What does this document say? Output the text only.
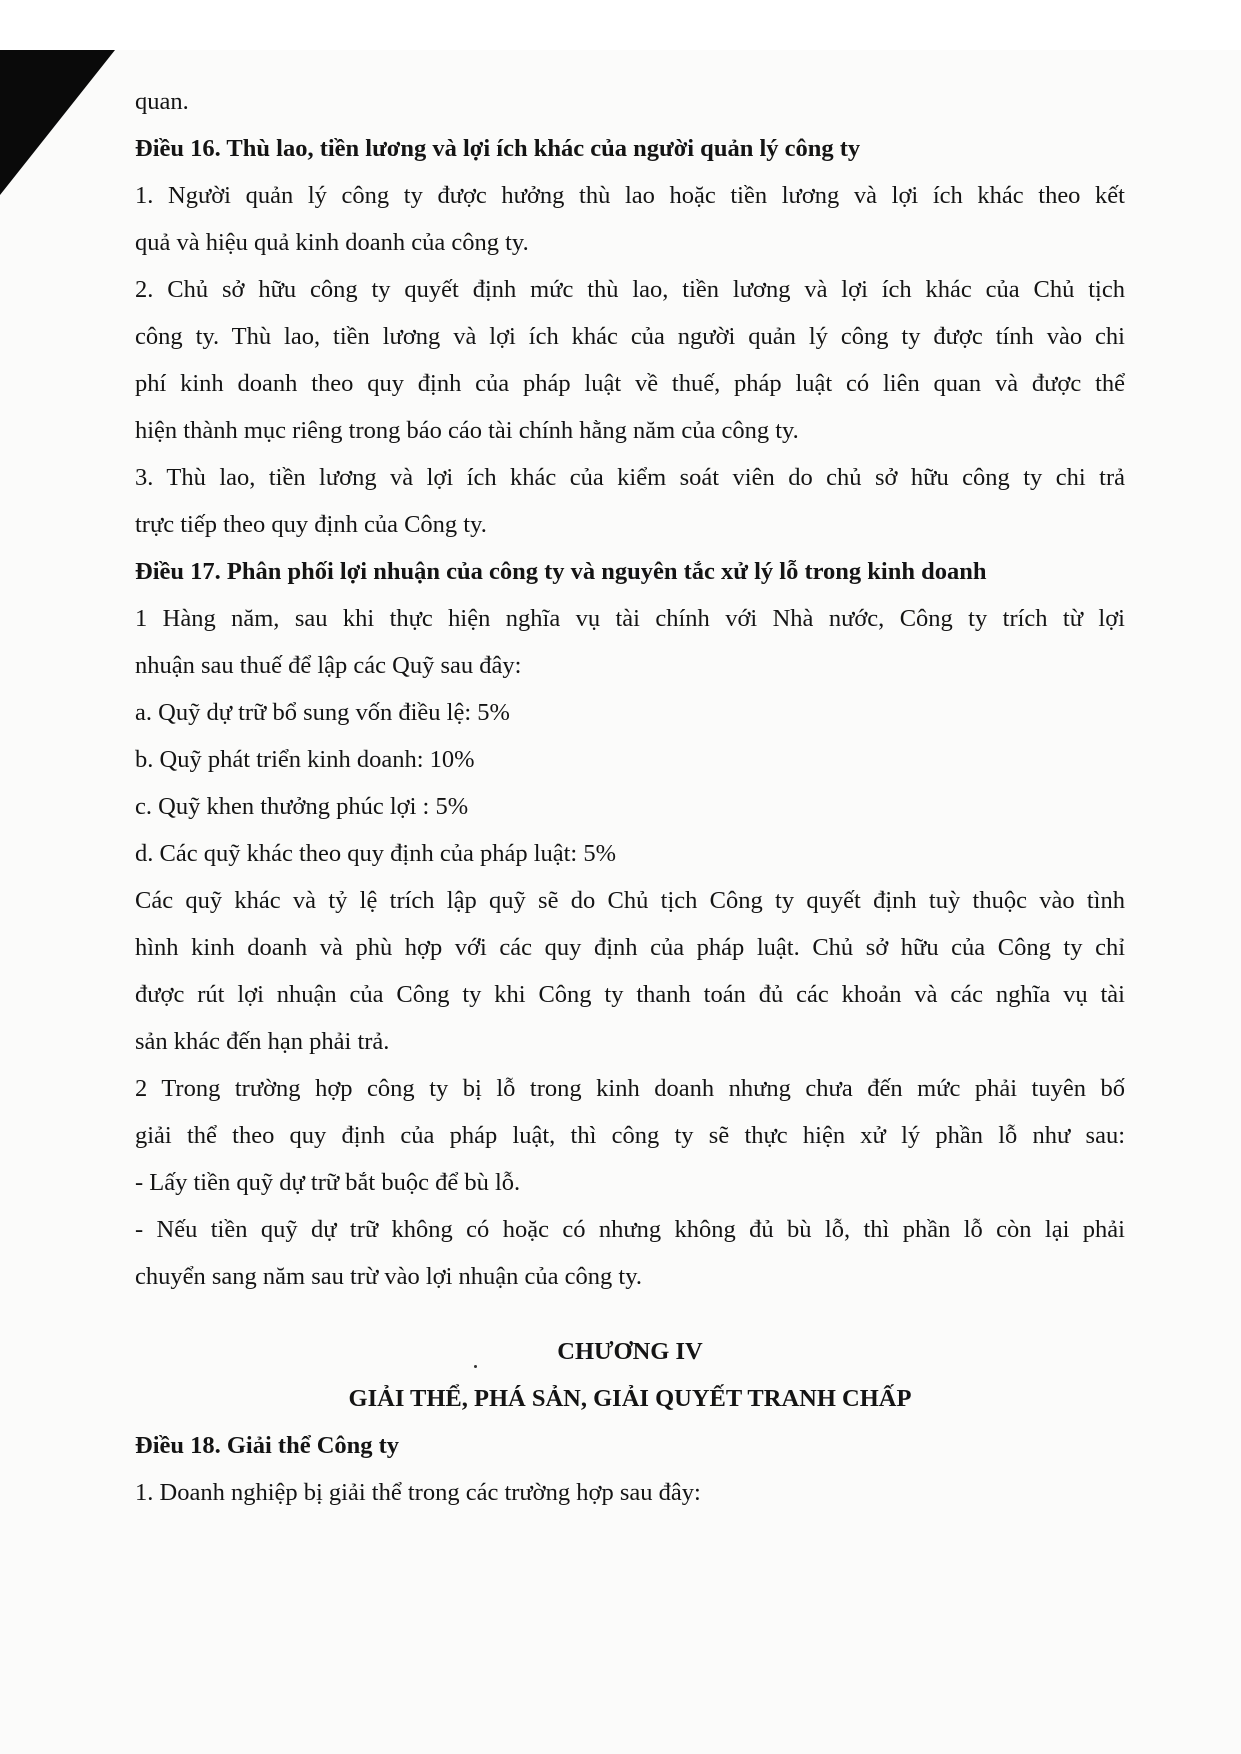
quan.
Điều 16. Thù lao, tiền lương và lợi ích khác của người quản lý công ty
1. Người quản lý công ty được hưởng thù lao hoặc tiền lương và lợi ích khác theo kết
quả và hiệu quả kinh doanh của công ty.
2. Chủ sở hữu công ty quyết định mức thù lao, tiền lương và lợi ích khác của Chủ tịch
công ty. Thù lao, tiền lương và lợi ích khác của người quản lý công ty được tính vào chi
phí kinh doanh theo quy định của pháp luật về thuế, pháp luật có liên quan và được thể
hiện thành mục riêng trong báo cáo tài chính hằng năm của công ty.
3. Thù lao, tiền lương và lợi ích khác của kiểm soát viên do chủ sở hữu công ty chi trả
trực tiếp theo quy định của Công ty.
Điều 17. Phân phối lợi nhuận của công ty và nguyên tắc xử lý lỗ trong kinh doanh
1 Hàng năm, sau khi thực hiện nghĩa vụ tài chính với Nhà nước, Công ty trích từ lợi
nhuận sau thuế để lập các Quỹ sau đây:
a. Quỹ dự trữ bổ sung vốn điều lệ: 5%
b. Quỹ phát triển kinh doanh: 10%
c. Quỹ khen thưởng phúc lợi : 5%
d. Các quỹ khác theo quy định của pháp luật: 5%
Các quỹ khác và tỷ lệ trích lập quỹ sẽ do Chủ tịch Công ty quyết định tuỳ thuộc vào tình
hình kinh doanh và phù hợp với các quy định của pháp luật. Chủ sở hữu của Công ty chỉ
được rút lợi nhuận của Công ty khi Công ty thanh toán đủ các khoản và các nghĩa vụ tài
sản khác đến hạn phải trả.
2 Trong trường hợp công ty bị lỗ trong kinh doanh nhưng chưa đến mức phải tuyên bố
giải thể theo quy định của pháp luật, thì công ty sẽ thực hiện xử lý phần lỗ như sau:
- Lấy tiền quỹ dự trữ bắt buộc để bù lỗ.
- Nếu tiền quỹ dự trữ không có hoặc có nhưng không đủ bù lỗ, thì phần lỗ còn lại phải
chuyển sang năm sau trừ vào lợi nhuận của công ty.
CHƯƠNG IV
GIẢI THỂ, PHÁ SẢN, GIẢI QUYẾT TRANH CHẤP
Điều 18. Giải thể Công ty
1. Doanh nghiệp bị giải thể trong các trường hợp sau đây:
